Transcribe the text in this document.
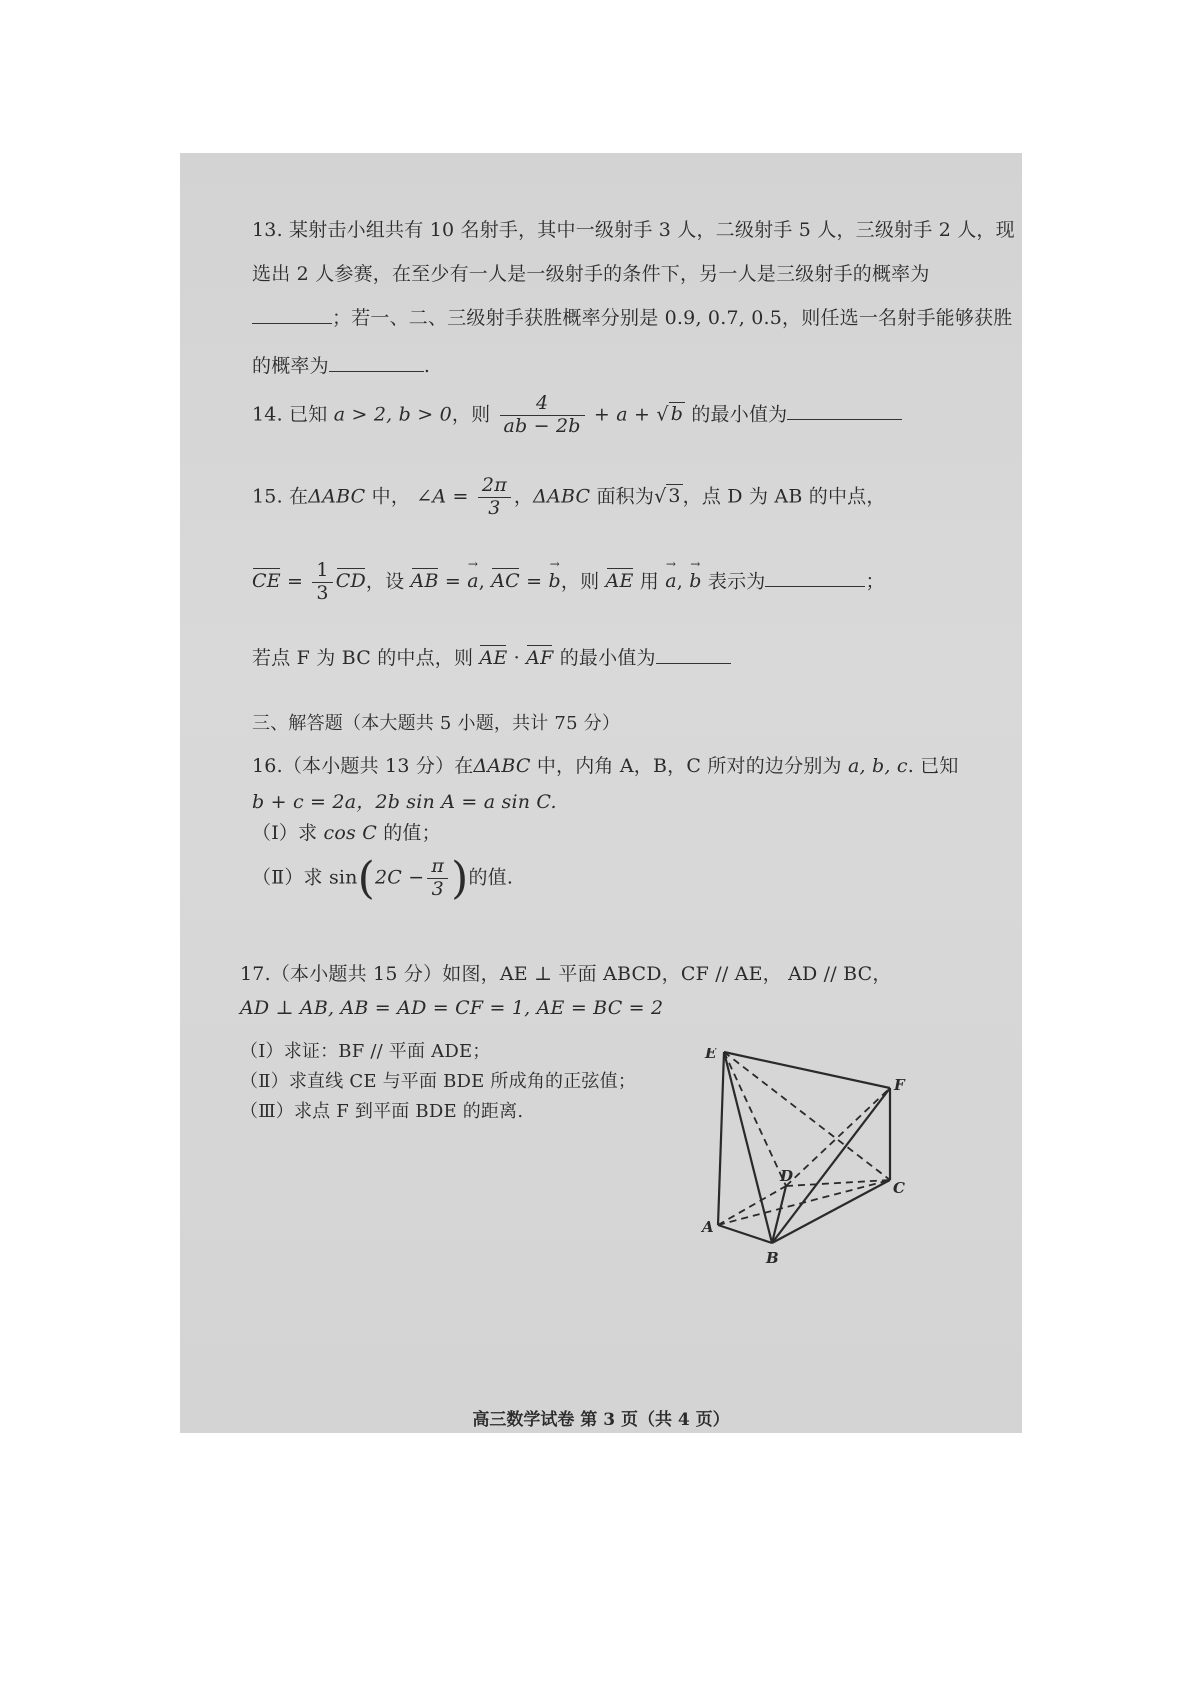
13. 某射击小组共有 10 名射手，其中一级射手 3 人，二级射手 5 人，三级射手 2 人，现
选出 2 人参赛，在至少有一人是一级射手的条件下，另一人是三级射手的概率为
；若一、二、三级射手获胜概率分别是 0.9, 0.7, 0.5，则任选一名射手能够获胜
的概率为	.
14. 已知 a > 2, b > 0，则 $\frac{4}{ab - 2b} + a$ + √ b 的最小值为
15. 在ΔABC 中， ∠A = $\frac{2\pi}{3}$ ，ΔABC 面积为√ 3 ，点 D 为 AB 的中点，
CE = $\frac{1}{3}$ CD，设 AB = a →, AC = b →，则 AE 用 a →, b → 表示为	；
若点 F 为 BC 的中点，则 AE · AF 的最小值为
三、解答题（本大题共 5 小题，共计 75 分）
16.（本小题共 13 分）在ΔABC 中，内角 A，B，C 所对的边分别为 a, b, c. 已知
b + c = 2a，2b sin A = a sin C.
（Ⅰ）求 cos C 的值；
（Ⅱ）求 $\sin(2C - \frac{\pi}{3}$ )的值.
17.（本小题共 15 分）如图，AE ⊥ 平面 ABCD，CF // AE， AD // BC，
AD ⊥ AB, AB = AD = CF = 1, AE = BC = 2
（Ⅰ）求证：BF // 平面 ADE；
（Ⅱ）求直线 CE 与平面 BDE 所成角的正弦值；
（Ⅲ）求点 F 到平面 BDE 的距离.
E
F
D
C
A
B
高三数学试卷 第 3 页（共 4 页）
